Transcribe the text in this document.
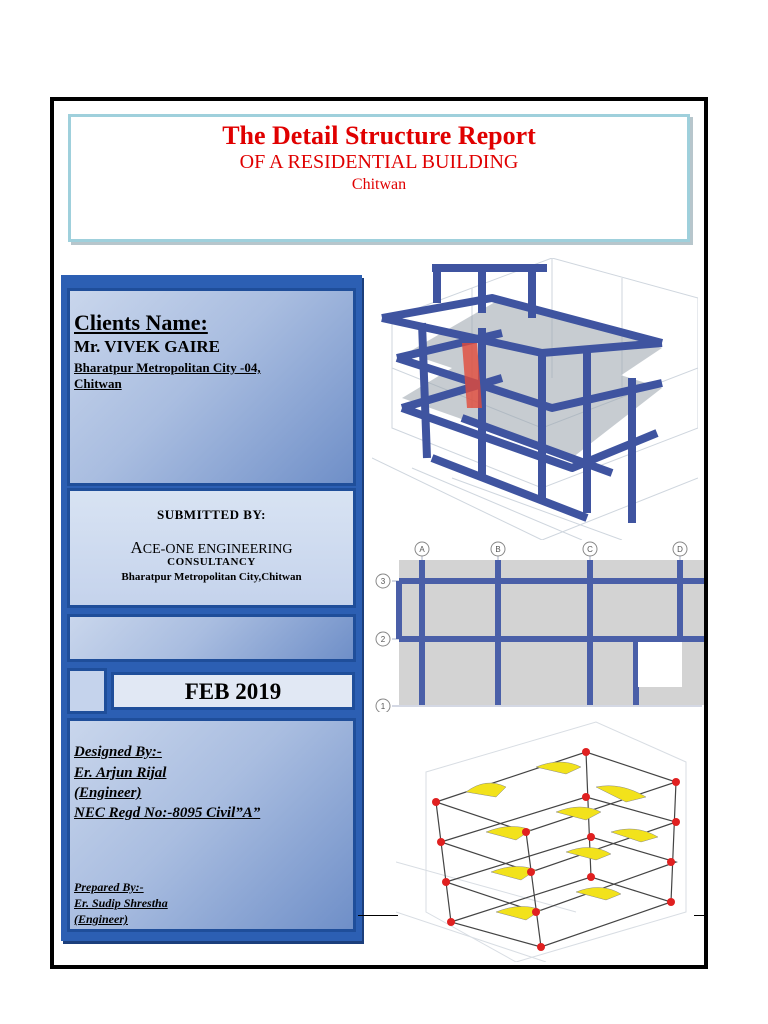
The Detail Structure Report
OF A RESIDENTIAL BUILDING
Chitwan
FEB 2019
Clients Name:
Mr. VIVEK GAIRE
Bharatpur Metropolitan City -04,
Chitwan
SUBMITTED BY:
ACE-ONE ENGINEERING
CONSULTANCY
Bharatpur Metropolitan City,Chitwan
Designed By:-
Er. Arjun Rijal
(Engineer)
NEC Regd No:-8095 Civil”A”
Prepared By:-
Er. Sudip Shrestha
(Engineer)
A	B	C	D
3
2
1
